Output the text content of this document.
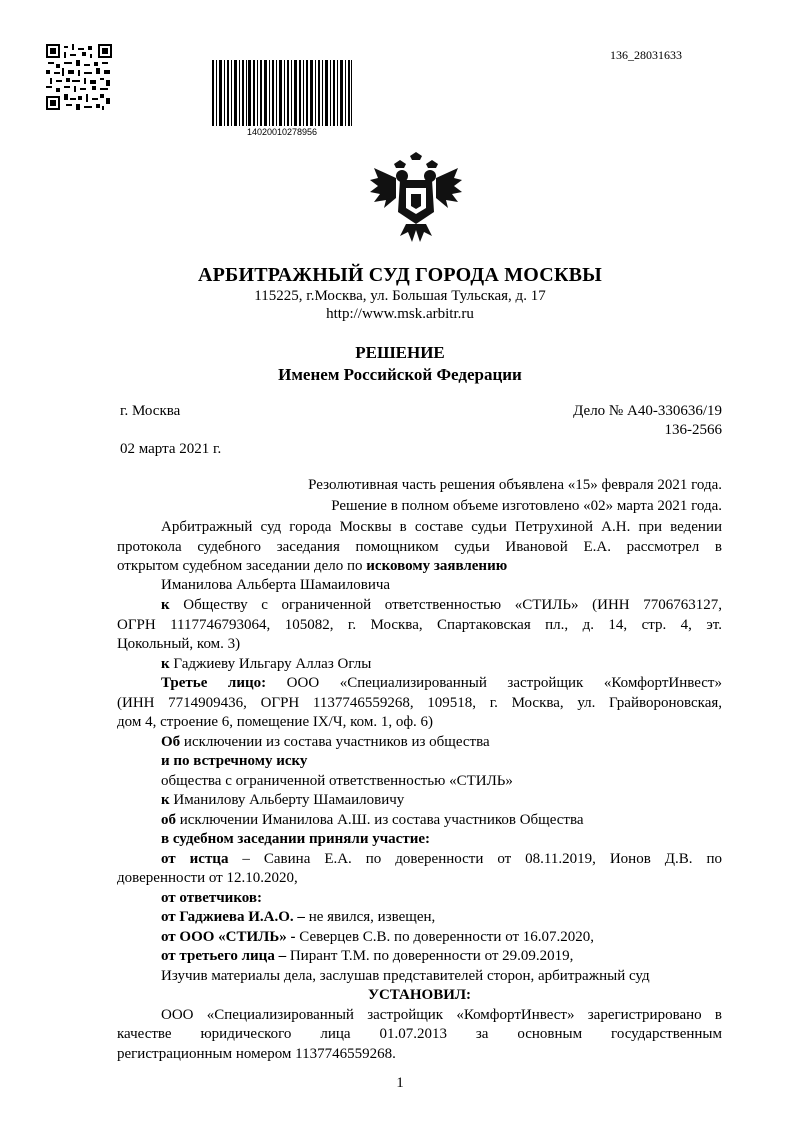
136_28031633
14020010278956
АРБИТРАЖНЫЙ СУД ГОРОДА МОСКВЫ
115225, г.Москва, ул. Большая Тульская, д. 17
http://www.msk.arbitr.ru
РЕШЕНИЕ
Именем Российской Федерации
г. Москва	Дело № А40-330636/19
136-2566
02 марта 2021 г.
Резолютивная часть решения объявлена «15» февраля 2021 года.
Решение в полном объеме изготовлено «02» марта 2021 года.
Арбитражный суд города Москвы в составе судьи Петрухиной А.Н. при ведении
протокола судебного заседания помощником судьи Ивановой Е.А. рассмотрел в
открытом судебном заседании дело по исковому заявлению
Иманилова Альберта Шамаиловича
к Обществу с ограниченной ответственностью «СТИЛЬ» (ИНН 7706763127,
ОГРН 1117746793064, 105082, г. Москва, Спартаковская пл., д. 14, стр. 4, эт.
Цокольный, ком. 3)
к Гаджиеву Ильгару Аллаз Оглы
Третье лицо: ООО «Специализированный застройщик «КомфортИнвест»
(ИНН 7714909436, ОГРН 1137746559268, 109518, г. Москва, ул. Грайвороновская,
дом 4, строение 6, помещение IХ/Ч, ком. 1, оф. 6)
Об исключении из состава участников из общества
и по встречному иску
общества с ограниченной ответственностью «СТИЛЬ»
к Иманилову Альберту Шамаиловичу
об исключении Иманилова А.Ш. из состава участников Общества
в судебном заседании приняли участие:
от истца – Савина Е.А. по доверенности от 08.11.2019, Ионов Д.В. по
доверенности от 12.10.2020,
от ответчиков:
от Гаджиева И.А.О. – не явился, извещен,
от ООО «СТИЛЬ» - Северцев С.В. по доверенности от 16.07.2020,
от третьего лица – Пирант Т.М. по доверенности от 29.09.2019,
Изучив материалы дела, заслушав представителей сторон, арбитражный суд
УСТАНОВИЛ:
ООО «Специализированный застройщик «КомфортИнвест» зарегистрировано в
качестве юридического лица 01.07.2013 за основным государственным
регистрационным номером 1137746559268.
1
